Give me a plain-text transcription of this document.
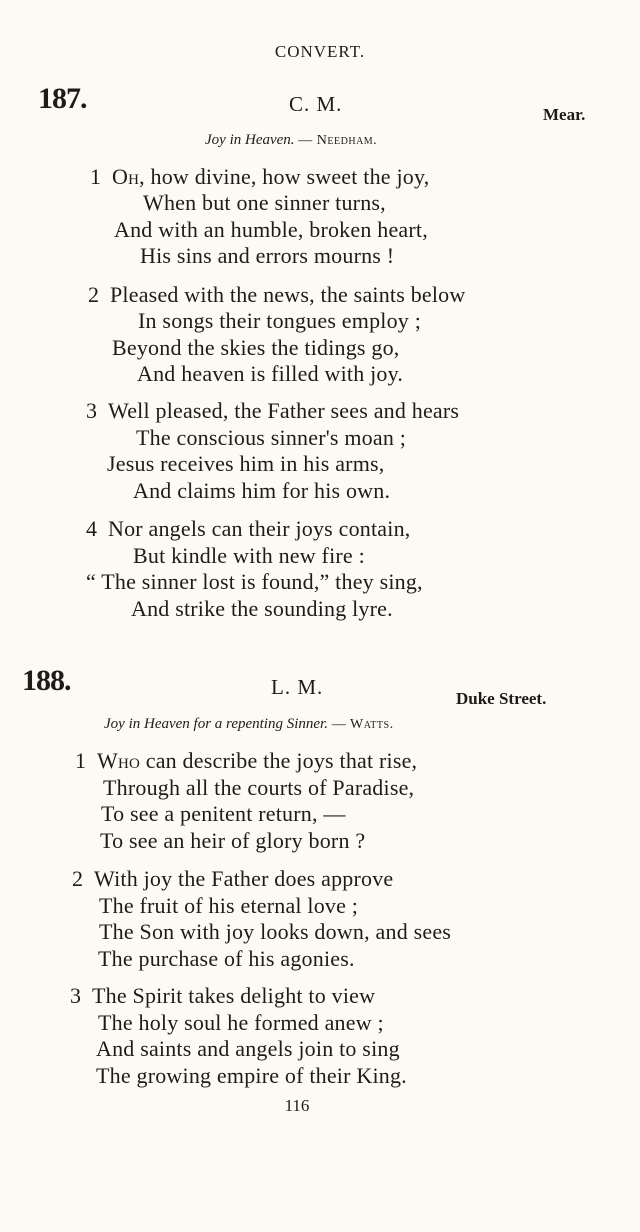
CONVERT.
187.	C. M.	Mear.
Joy in Heaven. — Needham.
1 Oh, how divine, how sweet the joy,
When but one sinner turns,
And with an humble, broken heart,
His sins and errors mourns !
2 Pleased with the news, the saints below
In songs their tongues employ ;
Beyond the skies the tidings go,
And heaven is filled with joy.
3 Well pleased, the Father sees and hears
The conscious sinner's moan ;
Jesus receives him in his arms,
And claims him for his own.
4 Nor angels can their joys contain,
But kindle with new fire :
“ The sinner lost is found,” they sing,
And strike the sounding lyre.
188.	L. M.	Duke Street.
Joy in Heaven for a repenting Sinner. — Watts.
1 Who can describe the joys that rise,
Through all the courts of Paradise,
To see a penitent return, —
To see an heir of glory born ?
2 With joy the Father does approve
The fruit of his eternal love ;
The Son with joy looks down, and sees
The purchase of his agonies.
3 The Spirit takes delight to view
The holy soul he formed anew ;
And saints and angels join to sing
The growing empire of their King.
116
